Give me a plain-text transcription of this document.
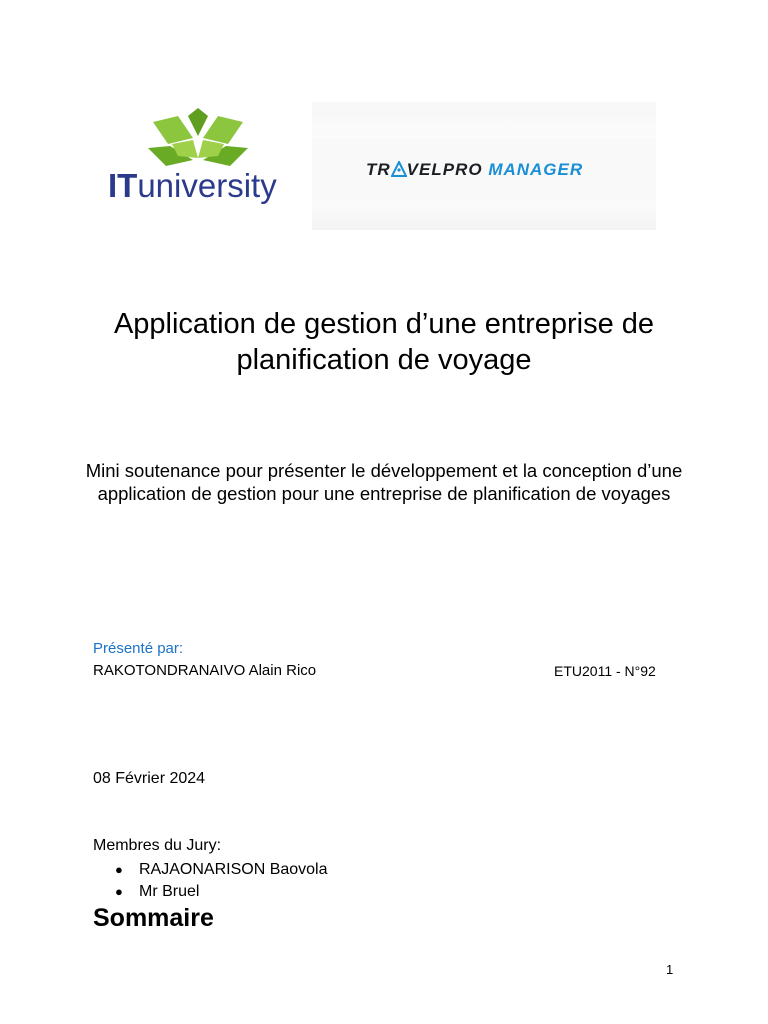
ITuniversity	TR VELPRO MANAGER
Application de gestion d’une entreprise de planification de voyage
Mini soutenance pour présenter le développement et la conception d’une application de gestion pour une entreprise de planification de voyages
Présenté par:
RAKOTONDRANAIVO Alain Rico	ETU2011 - N°92
08 Février 2024
Membres du Jury:
● RAJAONARISON Baovola
● Mr Bruel
Sommaire
1
